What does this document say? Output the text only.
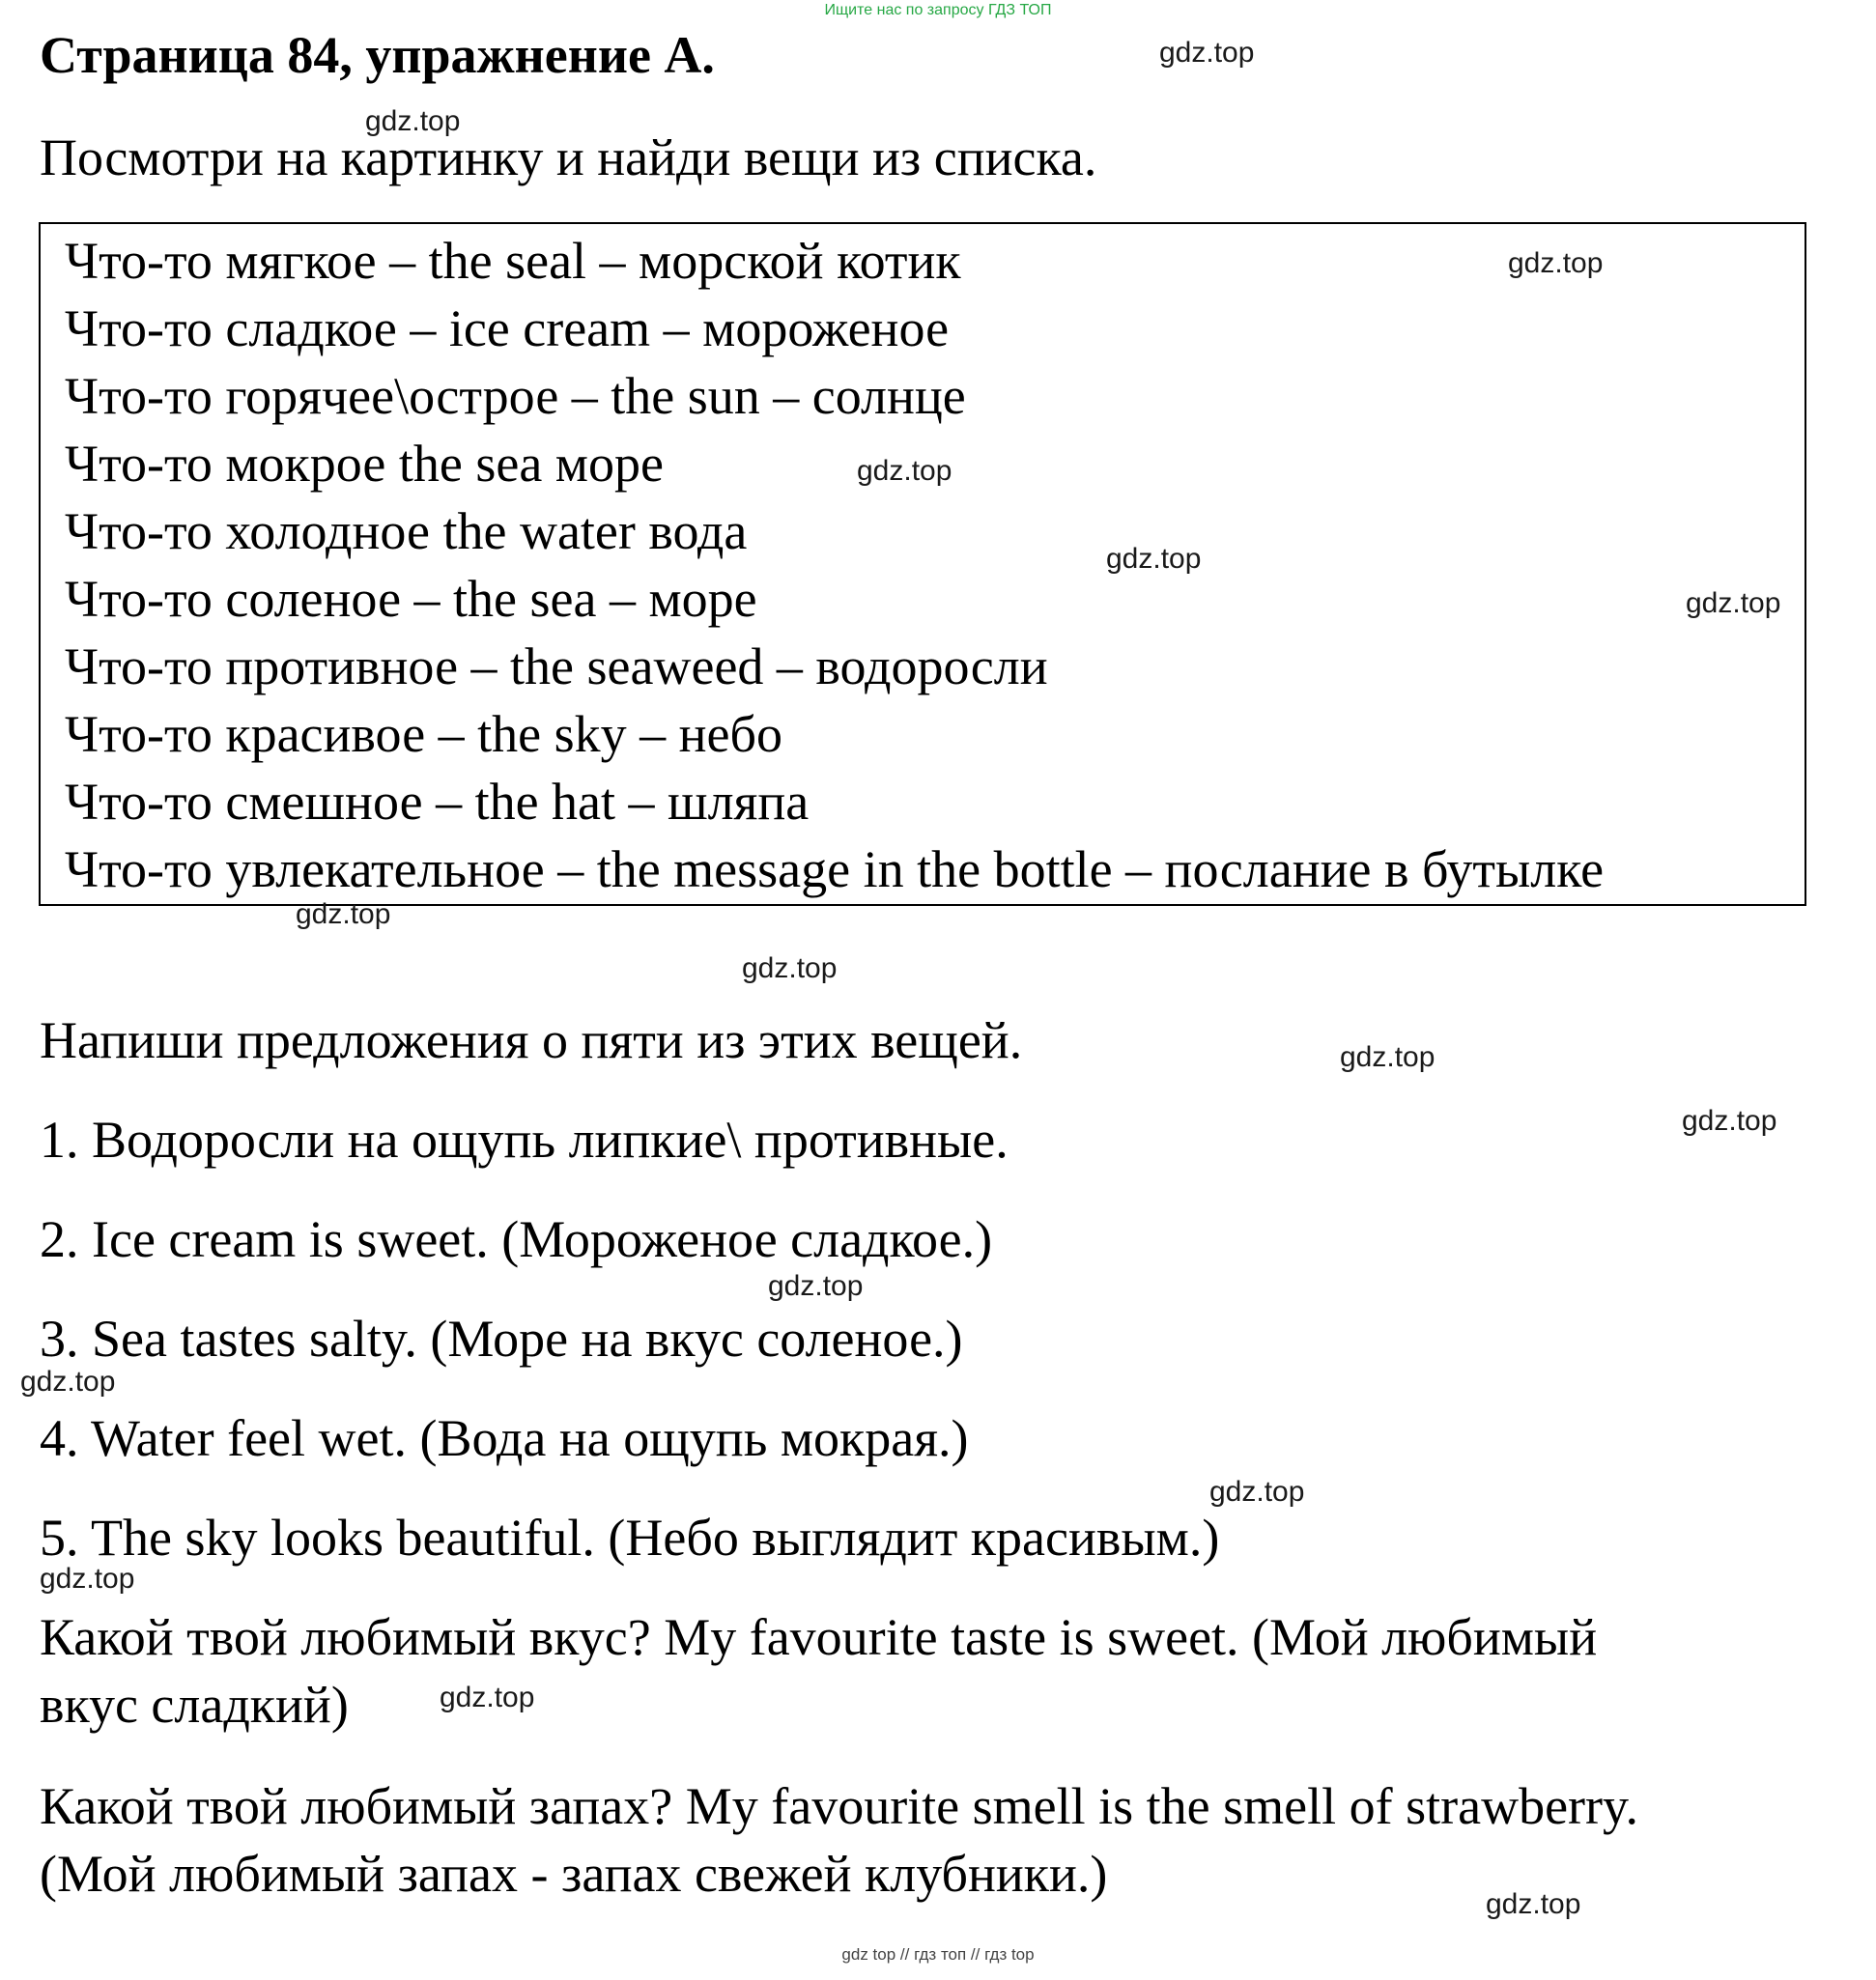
Ищите нас по запросу ГДЗ ТОП
Страница 84, упражнение A.
Посмотри на картинку и найди вещи из списка.
Что-то мягкое – the seal – морской котик
Что-то сладкое – ice cream – мороженое
Что-то горячее\острое – the sun – солнце
Что-то мокрое the sea море
Что-то холодное the water вода
Что-то соленое – the sea – море
Что-то противное – the seaweed – водоросли
Что-то красивое – the sky – небо
Что-то смешное – the hat – шляпа
Что-то увлекательное – the message in the bottle – послание в бутылке
Напиши предложения о пяти из этих вещей.
1. Водоросли на ощупь липкие\ противные.
2. Ice cream is sweet. (Мороженое сладкое.)
3. Sea tastes salty. (Море на вкус соленое.)
4. Water feel wet. (Вода на ощупь мокрая.)
5. The sky looks beautiful. (Небо выглядит красивым.)
Какой твой любимый вкус? My favourite taste is sweet. (Мой любимый
вкус сладкий)
Какой твой любимый запах? My favourite smell is the smell of strawberry.
(Мой любимый запах - запах свежей клубники.)
gdz.top
gdz.top
gdz.top
gdz.top
gdz.top
gdz.top
gdz.top
gdz.top
gdz.top
gdz.top
gdz.top
gdz.top
gdz.top
gdz.top
gdz.top
gdz.top
gdz top // гдз топ // гдз top
